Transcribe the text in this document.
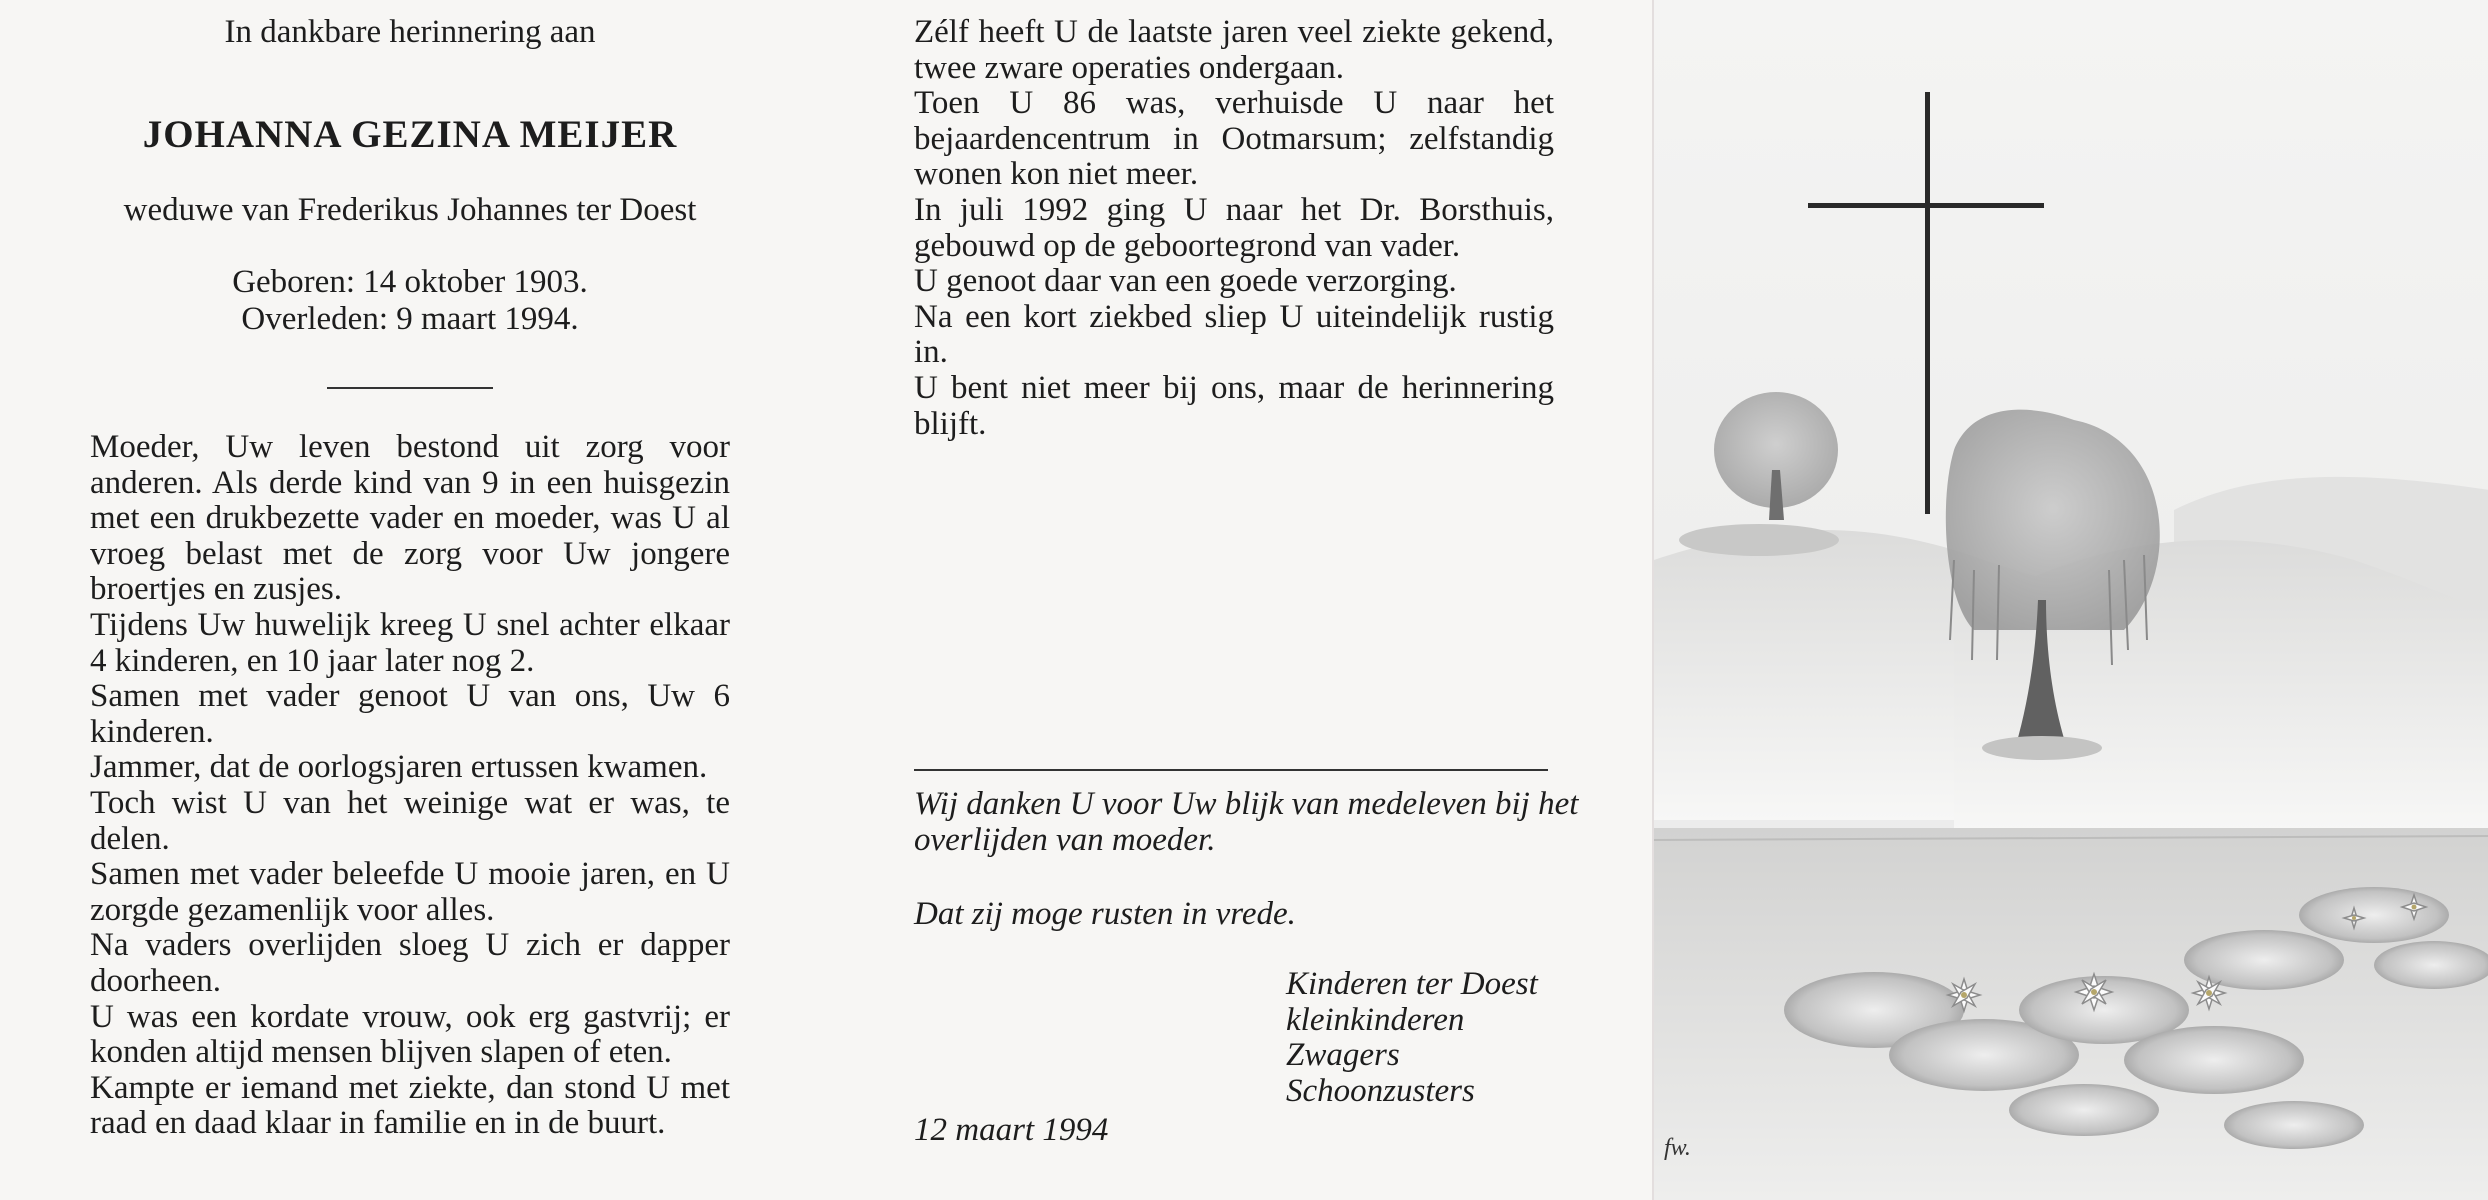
In dankbare herinnering aan
JOHANNA GEZINA MEIJER
weduwe van Frederikus Johannes ter Doest
Geboren: 14 oktober 1903.
Overleden: 9 maart 1994.

Moeder, Uw leven bestond uit zorg voor anderen. Als derde kind van 9 in een huisgezin met een drukbezette vader en moeder, was U al vroeg belast met de zorg voor Uw jongere broertjes en zusjes.

Tijdens Uw huwelijk kreeg U snel achter elkaar 4 kinderen, en 10 jaar later nog 2.

Samen met vader genoot U van ons, Uw 6 kinderen.

Jammer, dat de oorlogsjaren ertussen kwamen.

Toch wist U van het weinige wat er was, te delen.

Samen met vader beleefde U mooie jaren, en U zorgde gezamenlijk voor alles.

Na vaders overlijden sloeg U zich er dapper doorheen.

U was een kordate vrouw, ook erg gastvrij; er konden altijd mensen blijven slapen of eten.

Kampte er iemand met ziekte, dan stond U met raad en daad klaar in familie en in de buurt.

Zélf heeft U de laatste jaren veel ziekte gekend, twee zware operaties ondergaan.

Toen U 86 was, verhuisde U naar het bejaardencentrum in Ootmarsum; zelfstandig wonen kon niet meer.

In juli 1992 ging U naar het Dr. Borsthuis, gebouwd op de geboortegrond van vader.

U genoot daar van een goede verzorging.

Na een kort ziekbed sliep U uiteindelijk rustig in.

U bent niet meer bij ons, maar de herinnering blijft.

Wij danken U voor Uw blijk van medeleven bij het overlijden van moeder.
Dat zij moge rusten in vrede.
Kinderen ter Doest
kleinkinderen
Zwagers
Schoonzusters
12 maart 1994	fw.
